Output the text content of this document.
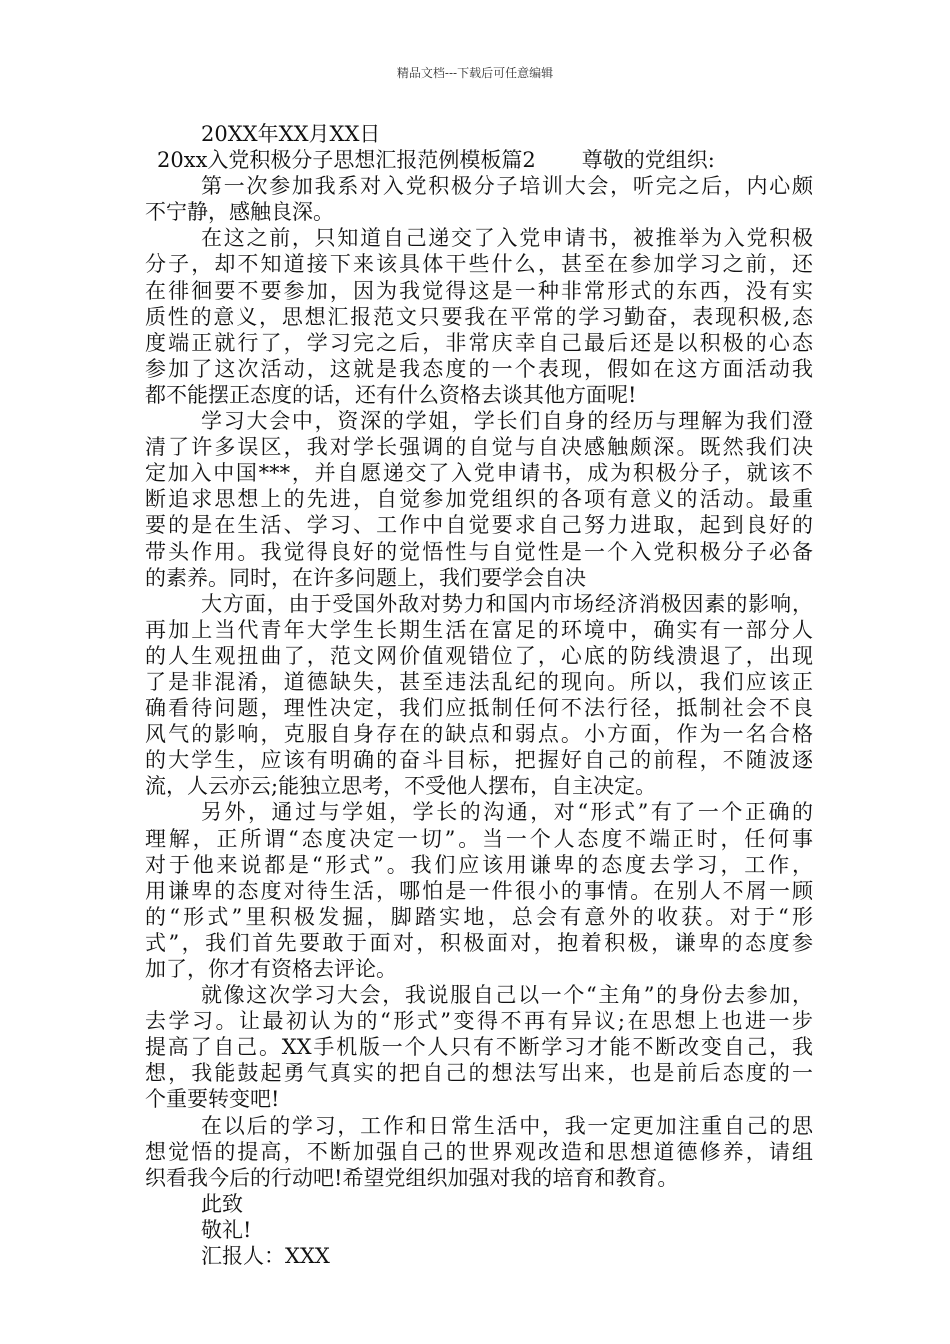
精品文档---下载后可任意编辑
20XX年XX月XX日
20xx入党积极分子思想汇报范例模板篇2 尊敬的党组织:
第一次参加我系对入党积极分子培训大会，听完之后，内心颇
不宁静，感触良深。
在这之前，只知道自己递交了入党申请书，被推举为入党积极
分子，却不知道接下来该具体干些什么，甚至在参加学习之前，还
在徘徊要不要参加，因为我觉得这是一种非常形式的东西，没有实
质性的意义，思想汇报范文只要我在平常的学习勤奋，表现积极,态
度端正就行了，学习完之后，非常庆幸自己最后还是以积极的心态
参加了这次活动，这就是我态度的一个表现，假如在这方面活动我
都不能摆正态度的话，还有什么资格去谈其他方面呢!
学习大会中，资深的学姐，学长们自身的经历与理解为我们澄
清了许多误区，我对学长强调的自觉与自决感触颇深。既然我们决
定加入中国***，并自愿递交了入党申请书，成为积极分子，就该不
断追求思想上的先进，自觉参加党组织的各项有意义的活动。最重
要的是在生活、学习、工作中自觉要求自己努力进取，起到良好的
带头作用。我觉得良好的觉悟性与自觉性是一个入党积极分子必备
的素养。同时，在许多问题上，我们要学会自决
大方面，由于受国外敌对势力和国内市场经济消极因素的影响，
再加上当代青年大学生长期生活在富足的环境中，确实有一部分人
的人生观扭曲了，范文网价值观错位了，心底的防线溃退了，出现
了是非混淆，道德缺失，甚至违法乱纪的现向。所以，我们应该正
确看待问题，理性决定，我们应抵制任何不法行径，抵制社会不良
风气的影响，克服自身存在的缺点和弱点。小方面，作为一名合格
的大学生，应该有明确的奋斗目标，把握好自己的前程，不随波逐
流，人云亦云;能独立思考，不受他人摆布，自主决定。
另外，通过与学姐，学长的沟通，对“形式”有了一个正确的
理解，正所谓“态度决定一切”。当一个人态度不端正时，任何事
对于他来说都是“形式”。我们应该用谦卑的态度去学习，工作，
用谦卑的态度对待生活，哪怕是一件很小的事情。在别人不屑一顾
的“形式”里积极发掘，脚踏实地，总会有意外的收获。对于“形
式”，我们首先要敢于面对，积极面对，抱着积极，谦卑的态度参
加了，你才有资格去评论。
就像这次学习大会，我说服自己以一个“主角”的身份去参加，
去学习。让最初认为的“形式”变得不再有异议;在思想上也进一步
提高了自己。XX手机版一个人只有不断学习才能不断改变自己，我
想，我能鼓起勇气真实的把自己的想法写出来，也是前后态度的一
个重要转变吧!
在以后的学习，工作和日常生活中，我一定更加注重自己的思
想觉悟的提高，不断加强自己的世界观改造和思想道德修养，请组
织看我今后的行动吧!希望党组织加强对我的培育和教育。
此致
敬礼!
汇报人：XXX
